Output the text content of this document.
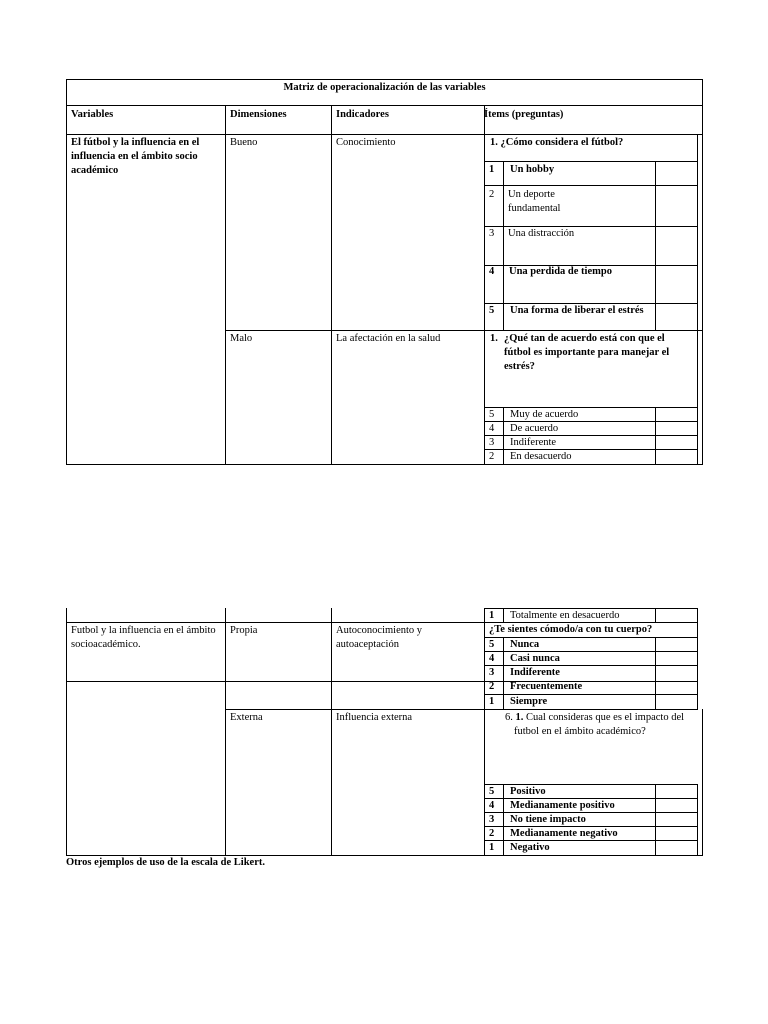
Matriz de operacionalización de las variables
Variables	Dimensiones	Indicadores	Ítems (preguntas)
El fútbol y la influencia en el influencia en el ámbito socio académico
Bueno	Conocimiento	1. ¿Cómo considera el fútbol?
1 Un hobby
2 Un deporte fundamental
3 Una distracción
4 Una perdida de tiempo
5 Una forma de liberar el estrés
Malo	La afectación en la salud	1. ¿Qué tan de acuerdo está con que el fútbol es importante para manejar el estrés?
5 Muy de acuerdo
4 De acuerdo
3 Indiferente
2 En desacuerdo
1 Totalmente en desacuerdo
Futbol y la influencia en el ámbito socioacadémico.
Propia	Autoconocimiento y autoaceptación
¿Te sientes cómodo/a con tu cuerpo?
5 Nunca
4 Casi nunca
3 Indiferente
2 Frecuentemente
1 Siempre
Externa	Influencia externa	6. 1. Cual consideras que es el impacto del futbol en el ámbito académico?
5 Positivo
4 Medianamente positivo
3 No tiene impacto
2 Medianamente negativo
1 Negativo
Otros ejemplos de uso de la escala de Likert.
